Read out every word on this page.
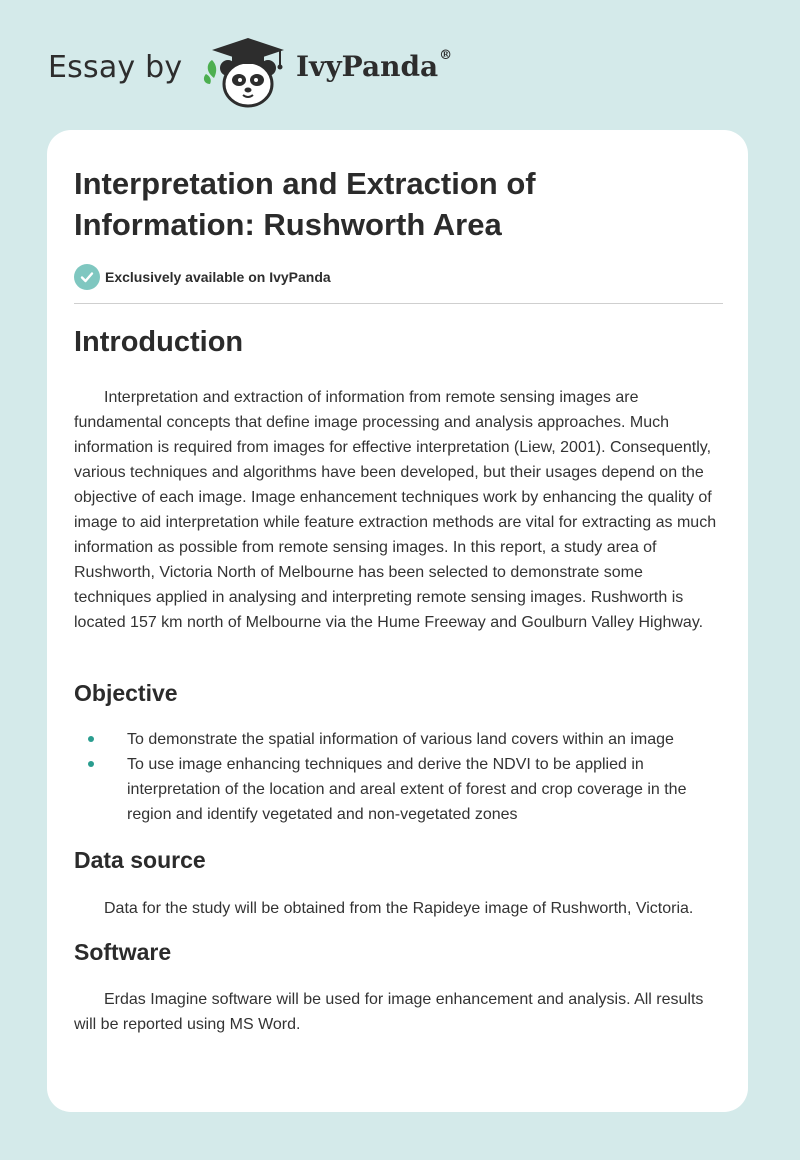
Essay by	IvyPanda®
Interpretation and Extraction of Information: Rushworth Area
Exclusively available on IvyPanda
Introduction

Interpretation and extraction of information from remote sensing images are fundamental concepts that define image processing and analysis approaches. Much information is required from images for effective interpretation (Liew, 2001). Consequently, various techniques and algorithms have been developed, but their usages depend on the objective of each image. Image enhancement techniques work by enhancing the quality of image to aid interpretation while feature extraction methods are vital for extracting as much information as possible from remote sensing images. In this report, a study area of Rushworth, Victoria North of Melbourne has been selected to demonstrate some techniques applied in analysing and interpreting remote sensing images. Rushworth is located 157 km north of Melbourne via the Hume Freeway and Goulburn Valley Highway.

Objective
To demonstrate the spatial information of various land covers within an image
To use image enhancing techniques and derive the NDVI to be applied in interpretation of the location and areal extent of forest and crop coverage in the region and identify vegetated and non-vegetated zones
Data source

Data for the study will be obtained from the Rapideye image of Rushworth, Victoria.

Software

Erdas Imagine software will be used for image enhancement and analysis. All results will be reported using MS Word.
